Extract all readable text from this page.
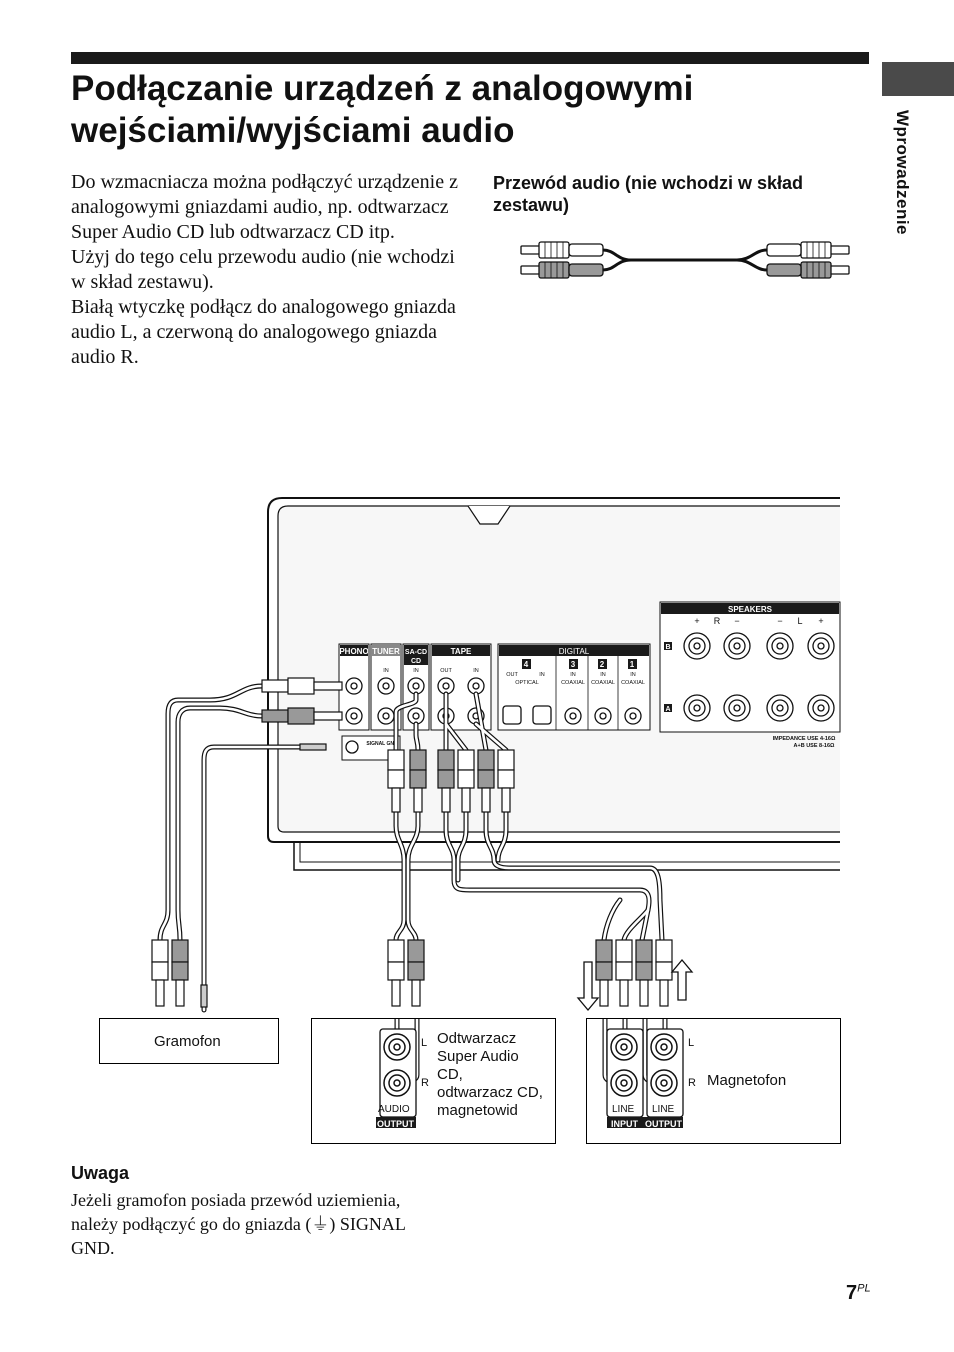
Wprowadzenie
Podłączanie urządzeń z analogowymi
wejściami/wyjściami audio

Do wzmacniacza można podłączyć urządzenie z analogowymi gniazdami audio, np. odtwarzacz Super Audio CD lub odtwarzacz CD itp.

Użyj do tego celu przewodu audio (nie wchodzi w skład zestawu).

Białą wtyczkę podłącz do analogowego gniazda audio L, a czerwoną do analogowego gniazda audio R.

Przewód audio (nie wchodzi w skład zestawu)
PHONO TUNER SA-CD
CD
TAPE	DIGITAL
SPEAKERS
4	3	2	1
B
A
IN	IN	OUT	IN
OUT	IN
OPTICAL
IN
COAXIAL
IN
COAXIAL
IN
COAXIAL
SIGNAL GND
IMPEDANCE USE 4-16Ω
A+B USE 8-16Ω
+ R −	− L +
Gramofon	L
R
AUDIO
OUTPUT
Odtwarzacz
Super Audio
CD,
odtwarzacz CD,
magnetowid
L
R
LINE LINE
INPUT OUTPUT
Magnetofon
Uwaga
Jeżeli gramofon posiada przewód uziemienia, należy podłączyć go do gniazda (⏚) SIGNAL GND.
$7^{PL}$
